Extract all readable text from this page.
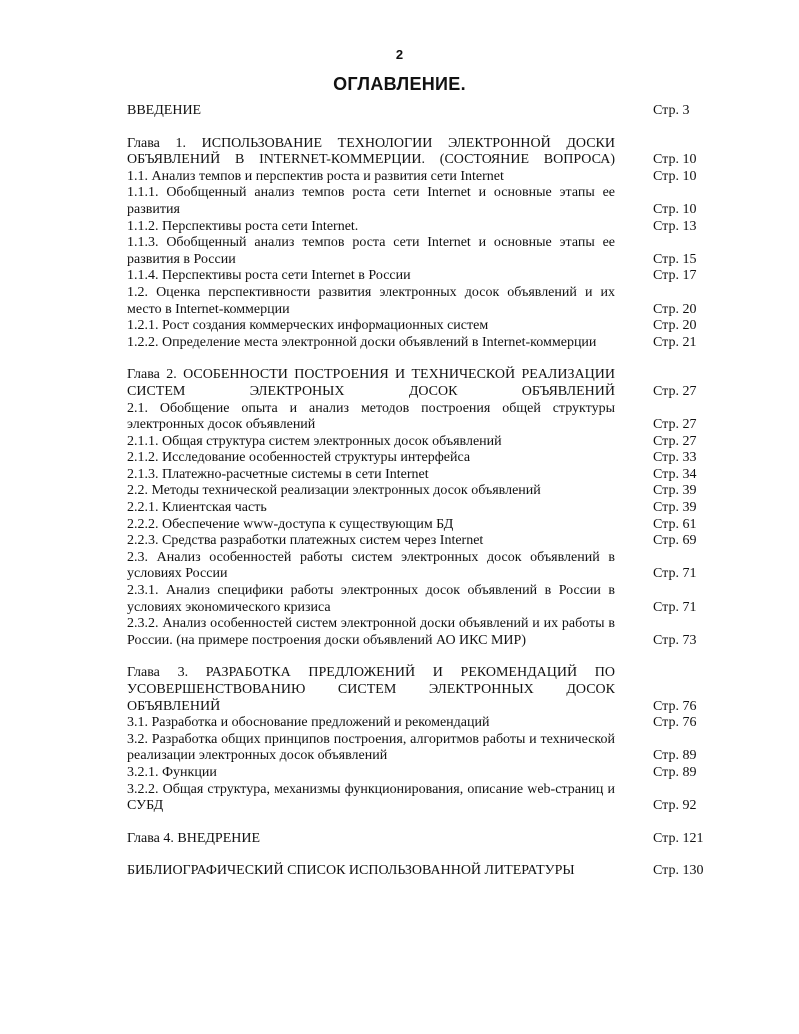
2
ОГЛАВЛЕНИЕ.
ВВЕДЕНИЕ	Стр. 3
Глава 1. ИСПОЛЬЗОВАНИЕ ТЕХНОЛОГИИ ЭЛЕКТРОННОЙ ДОСКИ ОБЪЯВЛЕНИЙ В INTERNET-КОММЕРЦИИ. (СОСТОЯНИЕ ВОПРОСА)	Стр. 10
1.1. Анализ темпов и перспектив роста и развития сети Internet	Стр. 10
1.1.1. Обобщенный анализ темпов роста сети Internet и основные этапы ее развития	Стр. 10
1.1.2. Перспективы роста сети Internet.	Стр. 13
1.1.3. Обобщенный анализ темпов роста сети Internet и основные этапы ее развития в России	Стр. 15
1.1.4. Перспективы роста сети Internet в России	Стр. 17
1.2. Оценка перспективности развития электронных досок объявлений и их место в Internet-коммерции	Стр. 20
1.2.1. Рост создания коммерческих информационных систем	Стр. 20
1.2.2. Определение места электронной доски объявлений в Internet-коммерции	Стр. 21
Глава 2. ОСОБЕННОСТИ ПОСТРОЕНИЯ И ТЕХНИЧЕСКОЙ РЕАЛИЗАЦИИ СИСТЕМ ЭЛЕКТРОНЫХ ДОСОК ОБЪЯВЛЕНИЙ	Стр. 27
2.1. Обобщение опыта и анализ методов построения общей структуры электронных досок объявлений	Стр. 27
2.1.1. Общая структура систем электронных досок объявлений	Стр. 27
2.1.2. Исследование особенностей структуры интерфейса	Стр. 33
2.1.3. Платежно-расчетные системы в сети Internet	Стр. 34
2.2. Методы технической реализации электронных досок объявлений	Стр. 39
2.2.1. Клиентская часть	Стр. 39
2.2.2. Обеспечение www-доступа к существующим БД	Стр. 61
2.2.3. Средства разработки платежных систем через Internet	Стр. 69
2.3. Анализ особенностей работы систем электронных досок объявлений в условиях России	Стр. 71
2.3.1. Анализ специфики работы электронных досок объявлений в России в условиях экономического кризиса	Стр. 71
2.3.2. Анализ особенностей систем электронной доски объявлений и их работы в России. (на примере построения доски объявлений АО ИКС МИР)	Стр. 73
Глава 3. РАЗРАБОТКА ПРЕДЛОЖЕНИЙ И РЕКОМЕНДАЦИЙ ПО УСОВЕРШЕНСТВОВАНИЮ СИСТЕМ ЭЛЕКТРОННЫХ ДОСОК ОБЪЯВЛЕНИЙ	Стр. 76
3.1. Разработка и обоснование предложений и рекомендаций	Стр. 76
3.2. Разработка общих принципов построения, алгоритмов работы и технической реализации электронных досок объявлений	Стр. 89
3.2.1. Функции	Стр. 89
3.2.2. Общая структура, механизмы функционирования, описание web-страниц и СУБД	Стр. 92
Глава 4. ВНЕДРЕНИЕ	Стр. 121
БИБЛИОГРАФИЧЕСКИЙ СПИСОК ИСПОЛЬЗОВАННОЙ ЛИТЕРАТУРЫ	Стр. 130
